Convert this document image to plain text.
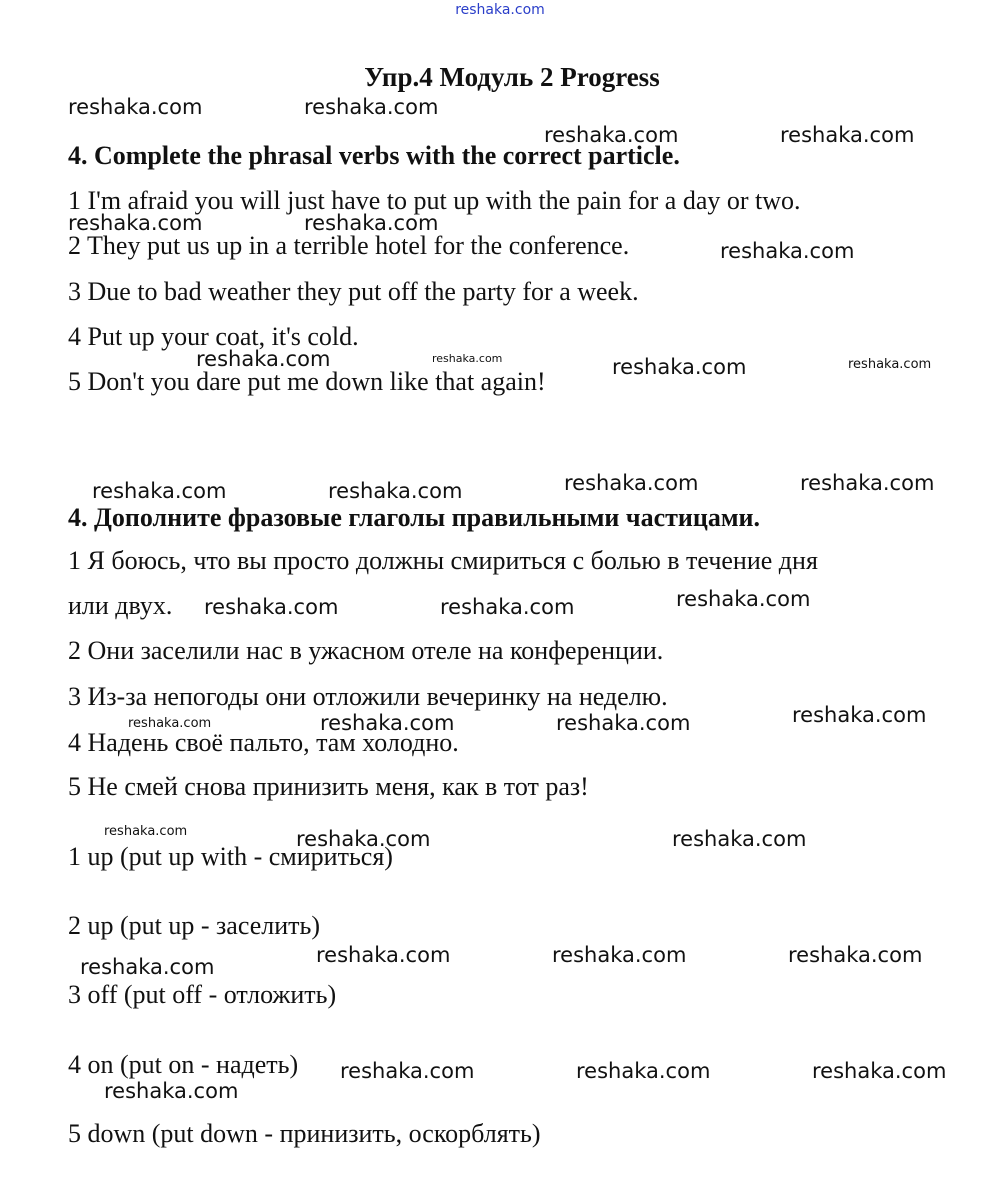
reshaka.com
Упр.4 Модуль 2 Progress
4. Complete the phrasal verbs with the correct particle.
1 I'm afraid you will just have to put up with the pain for a day or two.
2 They put us up in a terrible hotel for the conference.
3 Due to bad weather they put off the party for a week.
4 Put up your coat, it's cold.
5 Don't you dare put me down like that again!
4. Дополните фразовые глаголы правильными частицами.
1 Я боюсь, что вы просто должны смириться с болью в течение дня
или двух.
2 Они заселили нас в ужасном отеле на конференции.
3 Из-за непогоды они отложили вечеринку на неделю.
4 Надень своё пальто, там холодно.
5 Не смей снова принизить меня, как в тот раз!
1 up (put up with - смириться)
2 up (put up - заселить)
3 off (put off - отложить)
4 on (put on - надеть)
5 down (put down - принизить, оскорблять)
reshaka.com	reshaka.com
reshaka.com	reshaka.com
reshaka.com	reshaka.com
reshaka.com
reshaka.com	reshaka.com	reshaka.com	reshaka.com
reshaka.com	reshaka.com	reshaka.com	reshaka.com
reshaka.com	reshaka.com	reshaka.com
reshaka.com	reshaka.com	reshaka.com	reshaka.com
reshaka.com	reshaka.com	reshaka.com
reshaka.com	reshaka.com	reshaka.com
reshaka.com
reshaka.com	reshaka.com	reshaka.com
reshaka.com
